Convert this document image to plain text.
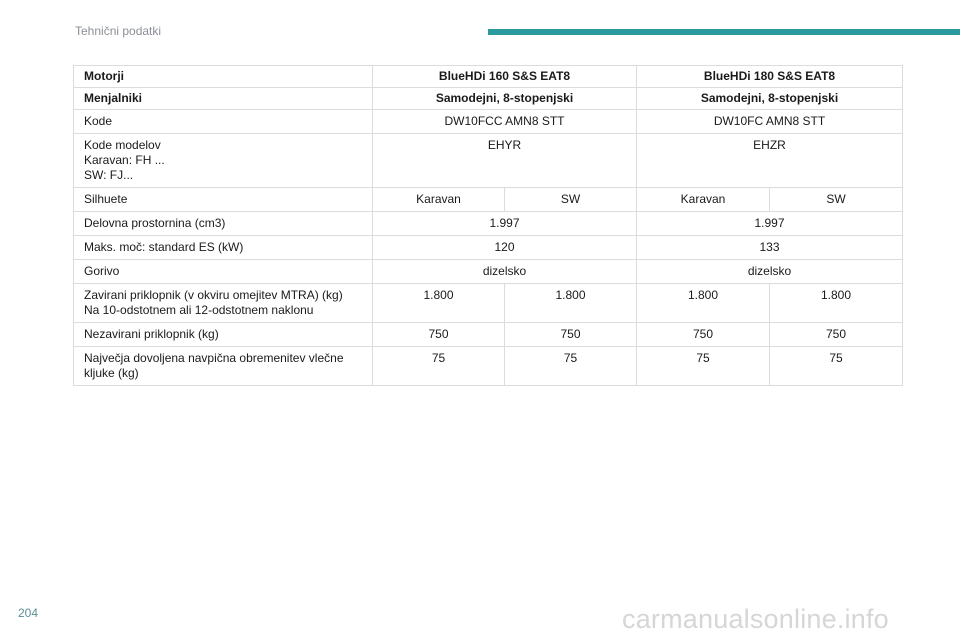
Tehnični podatki
Motorji	BlueHDi 160 S&S EAT8		BlueHDi 180 S&S EAT8	
Menjalniki	Samodejni, 8-stopenjski		Samodejni, 8-stopenjski	
Kode	DW10FCC AMN8 STT		DW10FC AMN8 STT	
Kode modelov
Karavan: FH ...
SW: FJ...	EHYR		EHZR	
Silhuete	Karavan	SW	Karavan	SW
Delovna prostornina (cm3)	1.997		1.997	
Maks. moč: standard ES (kW)	120		133	
Gorivo	dizelsko		dizelsko	
Zavirani priklopnik (v okviru omejitev MTRA) (kg)
Na 10-odstotnem ali 12-odstotnem naklonu	1.800	1.800	1.800	1.800
Nezavirani priklopnik (kg)	750	750	750	750
Največja dovoljena navpična obremenitev vlečne kljuke (kg)	75	75	75	75
204	carmanualsonline.info
